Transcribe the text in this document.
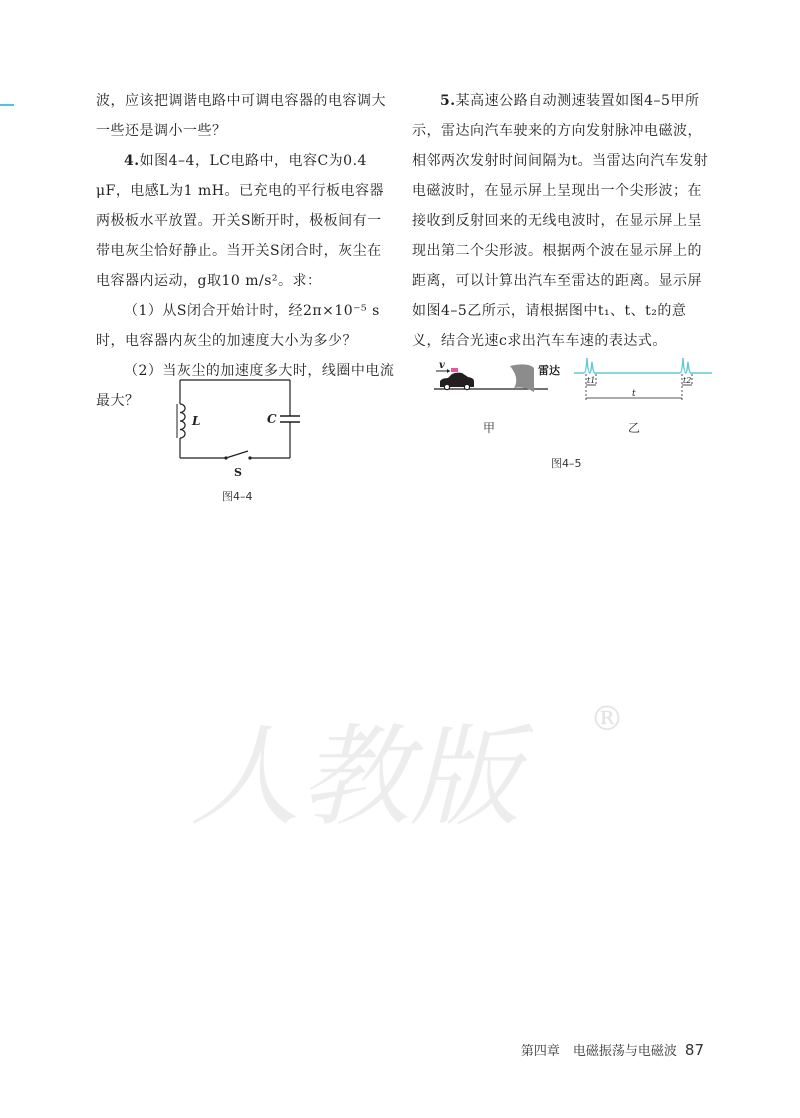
波，应该把调谐电路中可调电容器的电容调大一些还是调小一些？

4.如图4–4，LC电路中，电容C为0.4 μF，电感L为1 mH。已充电的平行板电容器两极板水平放置。开关S断开时，极板间有一带电灰尘恰好静止。当开关S闭合时，灰尘在电容器内运动，g取10 m/s²。求：

（1）从S闭合开始计时，经2π×10⁻⁵ s时，电容器内灰尘的加速度大小为多少？

（2）当灰尘的加速度多大时，线圈中电流最大？

L	C
S
图4–4

5.某高速公路自动测速装置如图4–5甲所示，雷达向汽车驶来的方向发射脉冲电磁波，相邻两次发射时间间隔为t。当雷达向汽车发射电磁波时，在显示屏上呈现出一个尖形波；在接收到反射回来的无线电波时，在显示屏上呈现出第二个尖形波。根据两个波在显示屏上的距离，可以计算出汽车至雷达的距离。显示屏如图4–5乙所示，请根据图中t₁、t、t₂的意义，结合光速c求出汽车车速的表达式。

v	雷达
t1	t2
t
甲	乙
图4–5
人教版	®
第四章　电磁振荡与电磁波 87
